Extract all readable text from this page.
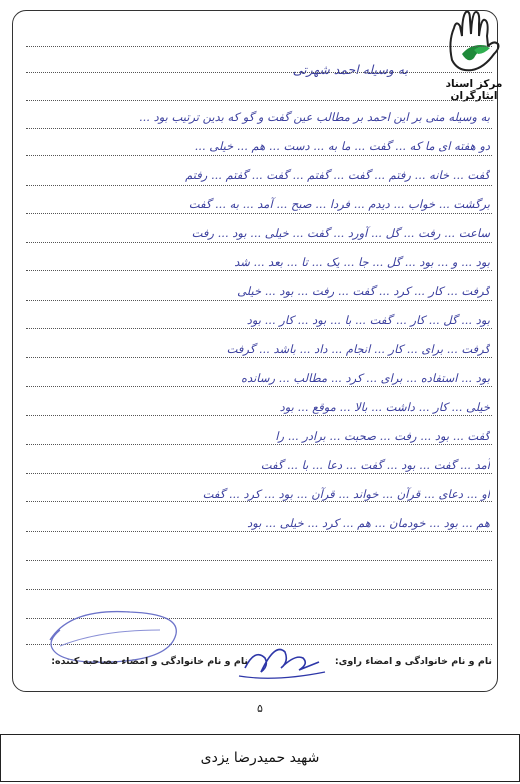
مرکز اسناد ایثارگران
به وسیله احمد شهرتی
به وسیله منی بر این احمد بر مطالب عین گفت و گو که بدین ترتیب بود ...
دو هفته ای ما که ... گفت ... ما به ... دست ... هم ... خیلی ...
گفت ... خانه ... رفتم ... گفت ... گفتم ... گفت ... گفتم ... رفتم
برگشت ... خواب ... دیدم ... فردا ... صبح ... آمد ... به ... گفت
ساعت ... رفت ... گل ... آورد ... گفت ... خیلی ... بود ... رفت
بود ... و ... بود ... گل ... جا ... یک ... تا ... بعد ... شد
گرفت ... کار ... کرد ... گفت ... رفت ... بود ... خیلی
بود ... گل ... کار ... گفت ... با ... بود ... کار ... بود
گرفت ... برای ... کار ... انجام ... داد ... باشد ... گرفت
بود ... استفاده ... برای ... کرد ... مطالب ... رسانده
خیلی ... کار ... داشت ... بالا ... موقع ... بود
گفت ... بود ... رفت ... صحبت ... برادر ... را
آمد ... گفت ... بود ... گفت ... دعا ... با ... گفت
او ... دعای ... قرآن ... خواند ... قرآن ... بود ... کرد ... گفت
هم ... بود ... خودمان ... هم ... کرد ... خیلی ... بود
نام و نام خانوادگی و امضاء راوی:
نام و نام خانوادگی و امضاء مصاحبه کننده:
۵
شهید حمیدرضا یزدی
